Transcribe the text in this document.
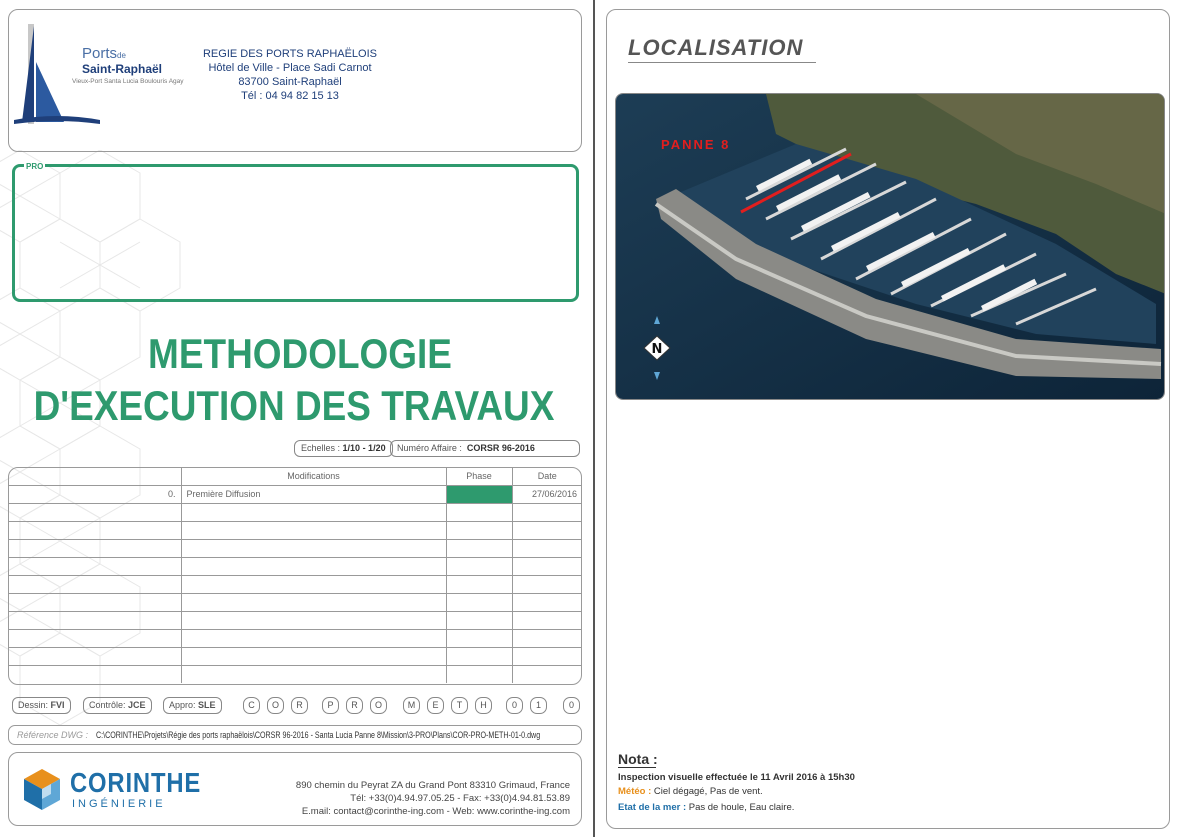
Portsde
Saint-Raphaël
Vieux-Port Santa Lucia Boulouris Agay
REGIE DES PORTS RAPHAËLOIS
Hôtel de Ville - Place Sadi Carnot
83700 Saint-Raphaël
Tél : 04 94 82 15 13
PRO
METHODOLOGIE
D'EXECUTION DES TRAVAUX
Echelles : 1/10 - 1/20	Numéro Affaire : CORSR 96-2016
	Modifications	Phase	Date
0.	Première Diffusion		27/06/2016

Dessin: FVI	Contrôle: JCE	Appro: SLE	C	O	R	P	R	O	M	E	T	H	0	1	0
Référence DWG : C:\CORINTHE\Projets\Régie des ports raphaëlois\CORSR 96-2016 - Santa Lucia Panne 8\Mission\3-PRO\Plans\COR-PRO-METH-01-0.dwg
CORINTHE
INGÉNIERIE
890 chemin du Peyrat ZA du Grand Pont 83310 Grimaud, France
Tél: +33(0)4.94.97.05.25 - Fax: +33(0)4.94.81.53.89
E.mail: contact@corinthe-ing.com - Web: www.corinthe-ing.com
LOCALISATION
PANNE 8
N
Nota :
Inspection visuelle effectuée le 11 Avril 2016 à 15h30
Météo : Ciel dégagé, Pas de vent.
Etat de la mer : Pas de houle, Eau claire.
